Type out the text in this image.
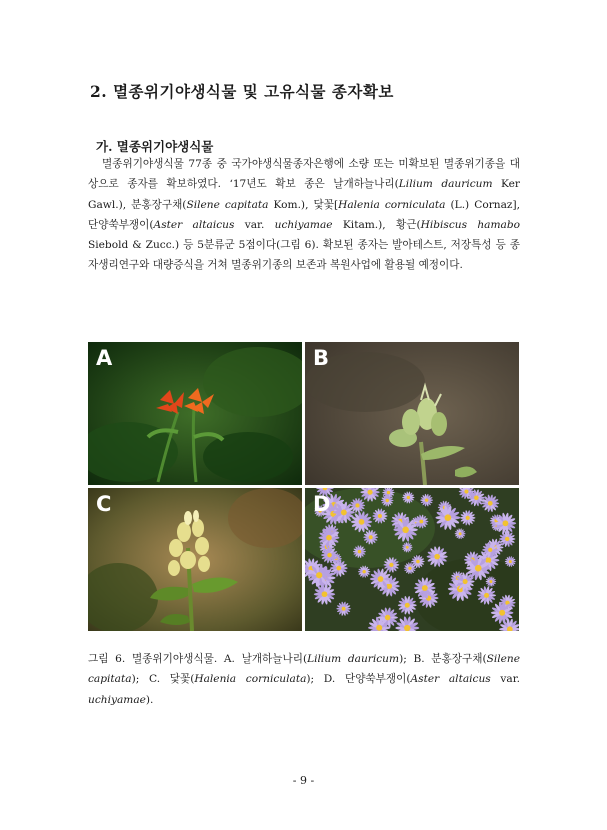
2. 멸종위기야생식물 및 고유식물 종자확보
가. 멸종위기야생식물
멸종위기야생식물 77종 중 국가야생식물종자은행에 소량 또는 미확보된 멸종위기종을 대상으로 종자를 확보하였다. ‘17년도 확보 종은 날개하늘나리(Lilium dauricum Ker Gawl.), 분홍장구채(Silene capitata Kom.), 닻꽃[Halenia corniculata (L.) Cornaz], 단양쑥부쟁이(Aster altaicus var. uchiyamae Kitam.), 황근(Hibiscus hamabo Siebold & Zucc.) 등 5분류군 5점이다(그림 6). 확보된 종자는 발아테스트, 저장특성 등 종자생리연구와 대량증식을 거쳐 멸종위기종의 보존과 복원사업에 활용될 예정이다.
A	B
C	D
그림 6. 멸종위기야생식물. A. 날개하늘나리(Lilium dauricum); B. 분홍장구채(Silene capitata); C. 닻꽃(Halenia corniculata); D. 단양쑥부쟁이(Aster altaicus var. uchiyamae).
- 9 -
